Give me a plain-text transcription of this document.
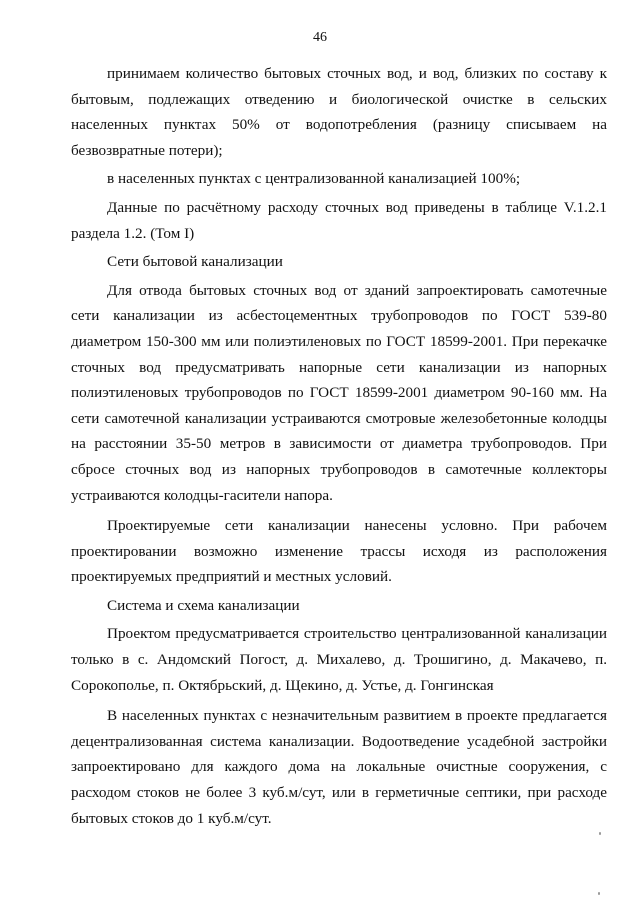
46

принимаем количество бытовых сточных вод, и вод, близких по составу к бытовым, подлежащих отведению и биологической очистке в сельских населенных пунктах 50% от водопотребления (разницу списываем на безвозвратные потери);

в населенных пунктах с централизованной канализацией 100%;

Данные по расчётному расходу сточных вод приведены в таблице V.1.2.1 раздела 1.2. (Том I)

Сети бытовой канализации

Для отвода бытовых сточных вод от зданий запроектировать самотечные сети канализации из асбестоцементных трубопроводов по ГОСТ 539-80 диаметром 150-300 мм или полиэтиленовых по ГОСТ 18599-2001. При перекачке сточных вод предусматривать напорные сети канализации из напорных полиэтиленовых трубопроводов по ГОСТ 18599-2001 диаметром 90-160 мм. На сети самотечной канализации устраиваются смотровые железобетонные колодцы на расстоянии 35-50 метров в зависимости от диаметра трубопроводов. При сбросе сточных вод из напорных трубопроводов в самотечные коллекторы устраиваются колодцы-гасители напора.

Проектируемые сети канализации нанесены условно. При рабочем проектировании возможно изменение трассы исходя из расположения проектируемых предприятий и местных условий.

Система и схема канализации

Проектом предусматривается строительство централизованной канализации только в с. Андомский Погост, д. Михалево, д. Трошигино, д. Макачево, п. Сорокополье, п. Октябрьский, д. Щекино, д. Устье, д. Гонгинская

В населенных пунктах с незначительным развитием в проекте предлагается децентрализованная система канализации. Водоотведение усадебной застройки запроектировано для каждого дома на локальные очистные сооружения, с расходом стоков не более 3 куб.м/сут, или в герметичные септики, при расходе бытовых стоков до 1 куб.м/сут.
